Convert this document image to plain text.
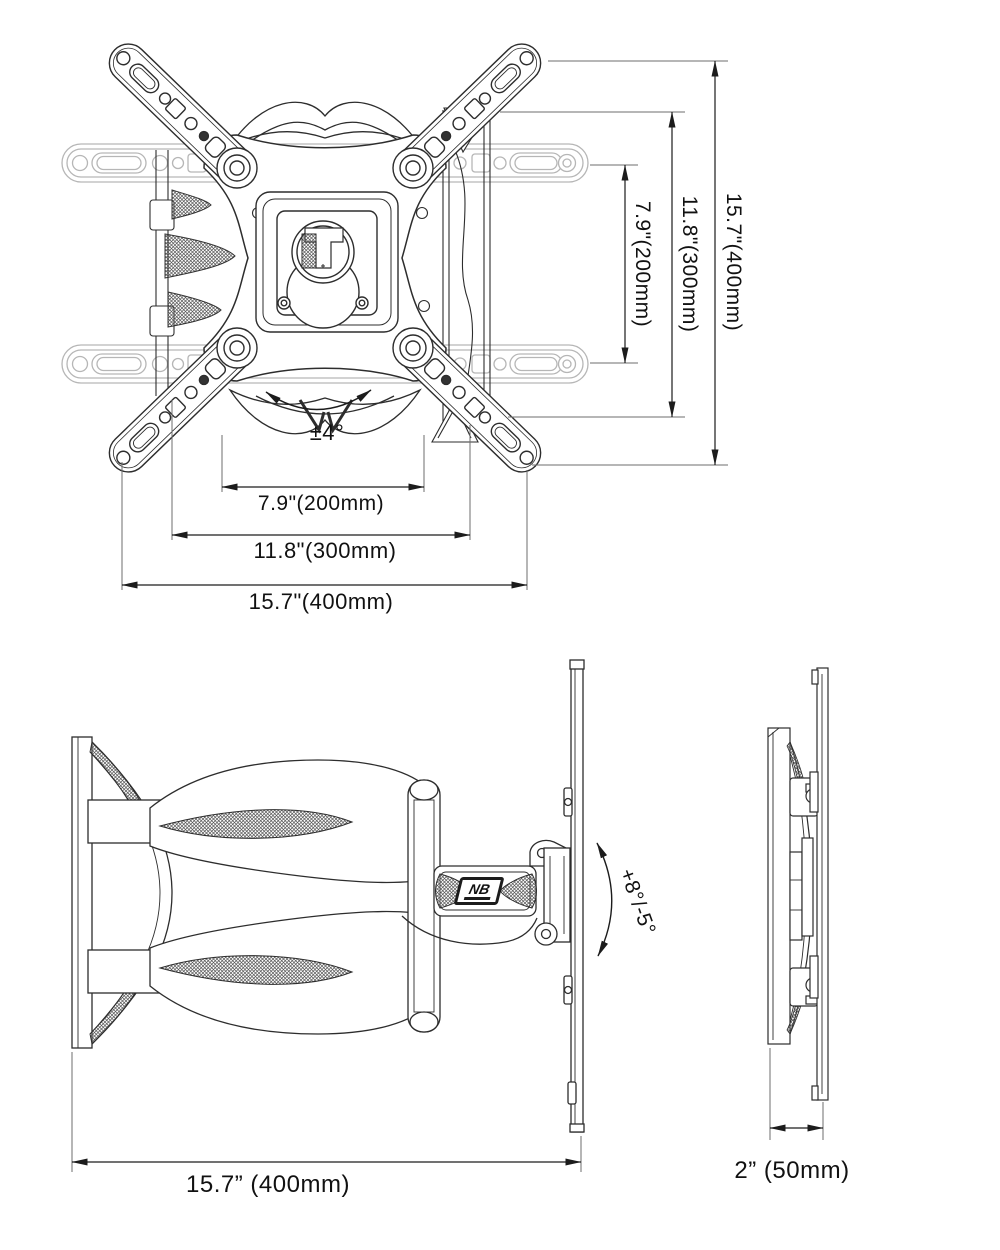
7.9"(200mm) 11.8"(300mm) 15.7"(400mm)
±4°
7.9"(200mm)
11.8"(300mm)
15.7"(400mm)
+8°/-5°
15.7” (400mm)
2” (50mm)
NB
